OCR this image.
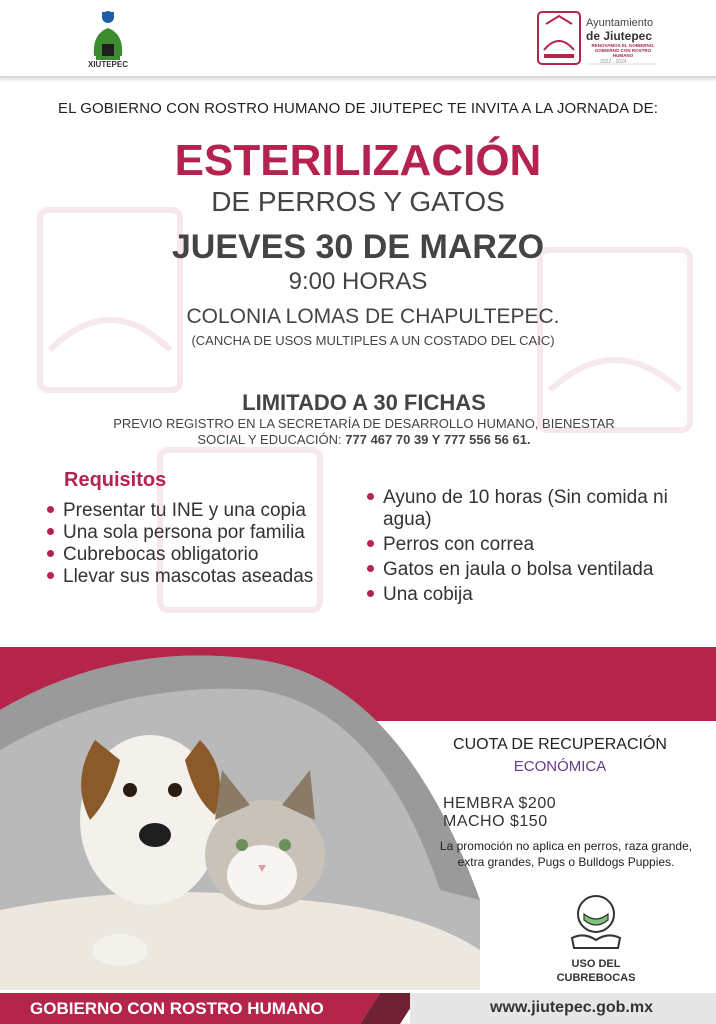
XIUTEPEC
Ayuntamiento
de Jiutepec
RENOVAMOS EL GOBIERNO, GOBIERNO CON ROSTRO HUMANO
2022 · 2024
EL GOBIERNO CON ROSTRO HUMANO DE JIUTEPEC TE INVITA A LA JORNADA DE:
ESTERILIZACIÓN
DE PERROS Y GATOS
JUEVES 30 DE MARZO
9:00 HORAS
COLONIA LOMAS DE CHAPULTEPEC.
(CANCHA DE USOS MULTIPLES A UN COSTADO DEL CAIC)
LIMITADO A 30 FICHAS
PREVIO REGISTRO EN LA SECRETARÍA DE DESARROLLO HUMANO, BIENESTAR
SOCIAL Y EDUCACIÓN: 777 467 70 39 Y 777 556 56 61.
Requisitos
Presentar tu INE y una copia
Una sola persona por familia
Cubrebocas obligatorio
Llevar sus mascotas aseadas
Ayuno de 10 horas (Sin comida ni agua)
Perros con correa
Gatos en jaula o bolsa ventilada
Una cobija
CUOTA DE RECUPERACIÓN
ECONÓMICA
HEMBRA $200
MACHO $150
La promoción no aplica en perros, raza grande, extra grandes, Pugs o Bulldogs Puppies.
USO DEL
CUBREBOCAS
GOBIERNO CON ROSTRO HUMANO	www.jiutepec.gob.mx
